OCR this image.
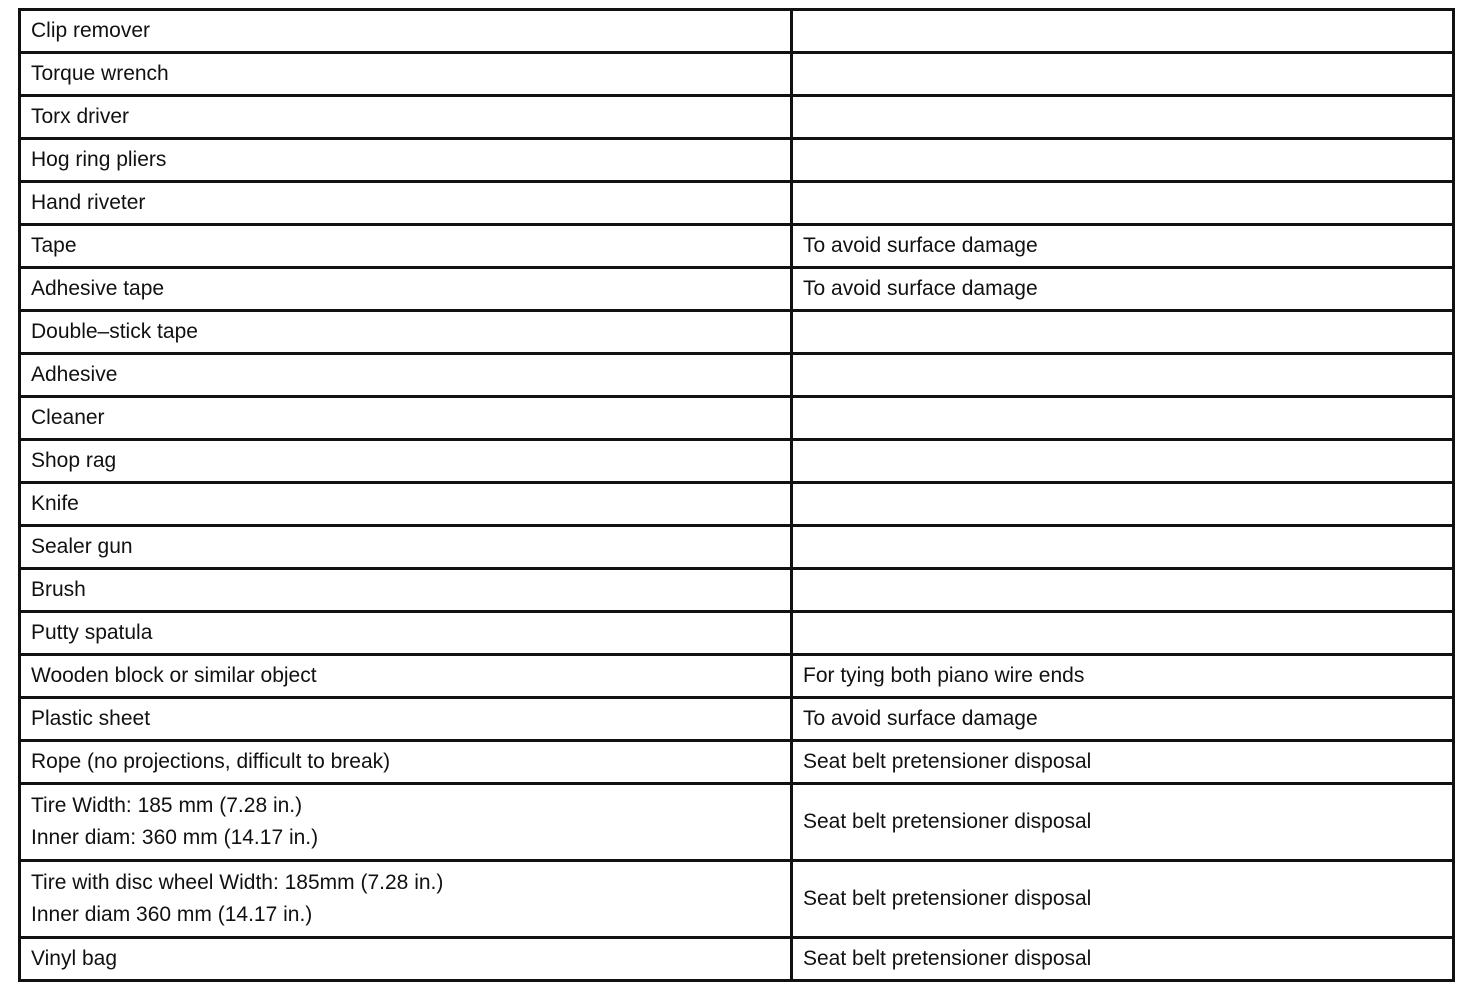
Clip remover	

Torque wrench	

Torx driver	

Hog ring pliers	

Hand riveter	

Tape	To avoid surface damage

Adhesive tape	To avoid surface damage

Double–stick tape	

Adhesive	

Cleaner	

Shop rag	

Knife	

Sealer gun	

Brush	

Putty spatula	

Wooden block or similar object	For tying both piano wire ends

Plastic sheet	To avoid surface damage

Rope (no projections, difficult to break)	Seat belt pretensioner disposal

Tire Width: 185 mm (7.28 in.)
Inner diam: 360 mm (14.17 in.)	Seat belt pretensioner disposal

Tire with disc wheel Width: 185mm (7.28 in.)
Inner diam 360 mm (14.17 in.)	Seat belt pretensioner disposal

Vinyl bag	Seat belt pretensioner disposal
